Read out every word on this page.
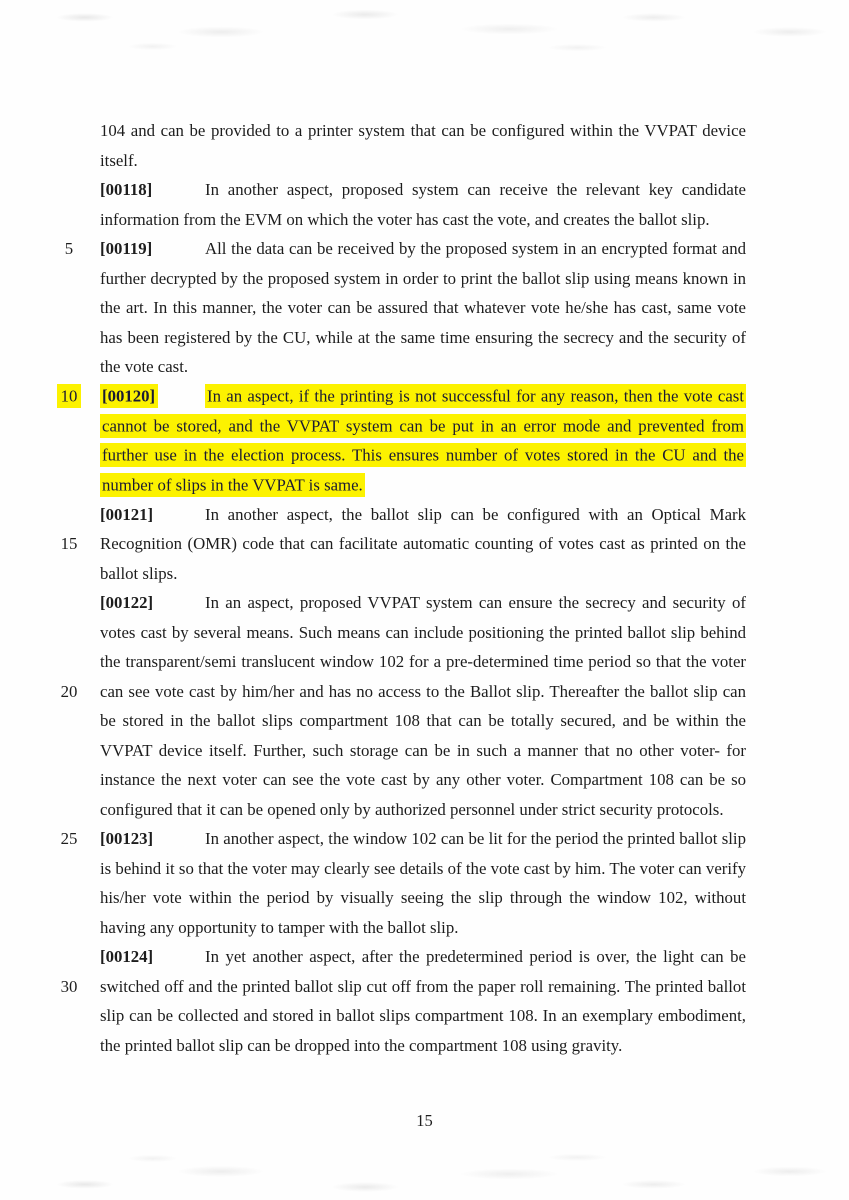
5
10
15
20
25
30

104 and can be provided to a printer system that can be configured within the VVPAT device itself.

[00118]	In another aspect, proposed system can receive the relevant key candidate information from the EVM on which the voter has cast the vote, and creates the ballot slip.

[00119]	All the data can be received by the proposed system in an encrypted format and further decrypted by the proposed system in order to print the ballot slip using means known in the art. In this manner, the voter can be assured that whatever vote he/she has cast, same vote has been registered by the CU, while at the same time ensuring the secrecy and the security of the vote cast.

[00120]	In an aspect, if the printing is not successful for any reason, then the vote cast cannot be stored, and the VVPAT system can be put in an error mode and prevented from further use in the election process. This ensures number of votes stored in the CU and the number of slips in the VVPAT is same.

[00121]	In another aspect, the ballot slip can be configured with an Optical Mark Recognition (OMR) code that can facilitate automatic counting of votes cast as printed on the ballot slips.

[00122]	In an aspect, proposed VVPAT system can ensure the secrecy and security of votes cast by several means. Such means can include positioning the printed ballot slip behind the transparent/semi translucent window 102 for a pre-determined time period so that the voter can see vote cast by him/her and has no access to the Ballot slip. Thereafter the ballot slip can be stored in the ballot slips compartment 108 that can be totally secured, and be within the VVPAT device itself. Further, such storage can be in such a manner that no other voter- for instance the next voter can see the vote cast by any other voter. Compartment 108 can be so configured that it can be opened only by authorized personnel under strict security protocols.

[00123]	In another aspect, the window 102 can be lit for the period the printed ballot slip is behind it so that the voter may clearly see details of the vote cast by him. The voter can verify his/her vote within the period by visually seeing the slip through the window 102, without having any opportunity to tamper with the ballot slip.

[00124]	In yet another aspect, after the predetermined period is over, the light can be switched off and the printed ballot slip cut off from the paper roll remaining. The printed ballot slip can be collected and stored in ballot slips compartment 108. In an exemplary embodiment, the printed ballot slip can be dropped into the compartment 108 using gravity.

15
